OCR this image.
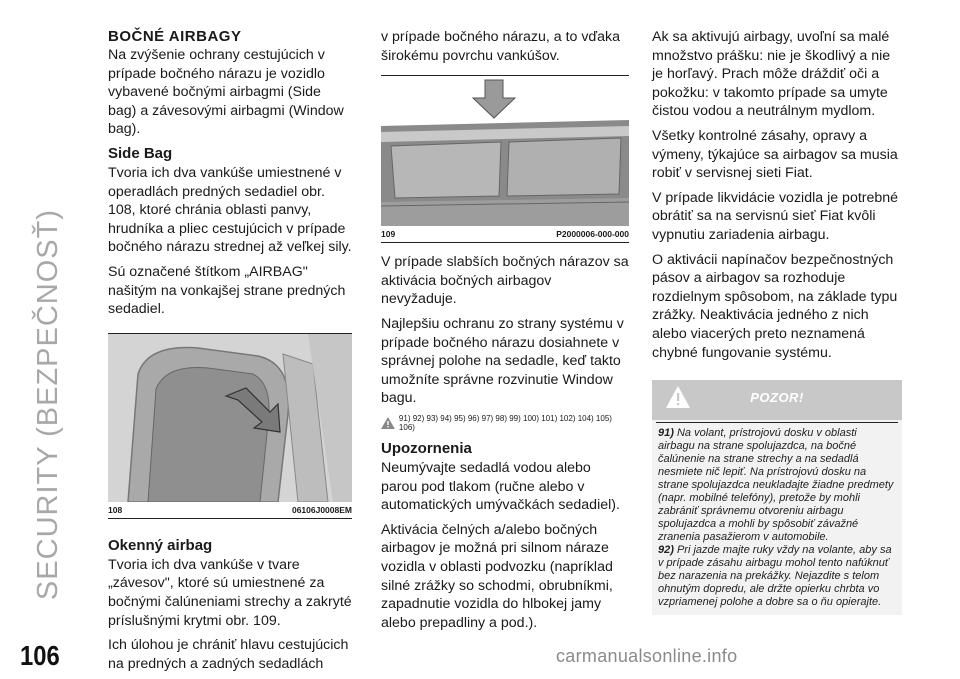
SECURITY (BEZPEČNOSŤ)
BOČNÉ AIRBAGY

Na zvýšenie ochrany cestujúcich v prípade bočného nárazu je vozidlo vybavené bočnými airbagmi (Side bag) a závesovými airbagmi (Window bag).

Side Bag

Tvoria ich dva vankúše umiestnené v operadlách predných sedadiel obr. 108, ktoré chránia oblasti panvy, hrudníka a pliec cestujúcich v prípade bočného nárazu strednej až veľkej sily.

Sú označené štítkom „AIRBAG" našitým na vonkajšej strane predných sedadiel.

108	06106J0008EM
Okenný airbag

Tvoria ich dva vankúše v tvare „závesov", ktoré sú umiestnené za bočnými čalúneniami strechy a zakryté príslušnými krytmi obr. 109.

Ich úlohou je chrániť hlavu cestujúcich na predných a zadných sedadlách

v prípade bočného nárazu, a to vďaka širokému povrchu vankúšov.

109	P2000006-000-000

V prípade slabších bočných nárazov sa aktivácia bočných airbagov nevyžaduje.

Najlepšiu ochranu zo strany systému v prípade bočného nárazu dosiahnete v správnej polohe na sedadle, keď takto umožníte správne rozvinutie Window bagu.

91) 92) 93) 94) 95) 96) 97) 98) 99) 100) 101) 102) 104) 105) 106)
Upozornenia

Neumývajte sedadlá vodou alebo parou pod tlakom (ručne alebo v automatických umývačkách sedadiel).

Aktivácia čelných a/alebo bočných airbagov je možná pri silnom náraze vozidla v oblasti podvozku (napríklad silné zrážky so schodmi, obrubníkmi, zapadnutie vozidla do hlbokej jamy alebo prepadliny a pod.).

Ak sa aktivujú airbagy, uvoľní sa malé množstvo prášku: nie je škodlivý a nie je horľavý. Prach môže dráždiť oči a pokožku: v takomto prípade sa umyte čistou vodou a neutrálnym mydlom.

Všetky kontrolné zásahy, opravy a výmeny, týkajúce sa airbagov sa musia robiť v servisnej sieti Fiat.

V prípade likvidácie vozidla je potrebné obrátiť sa na servisnú sieť Fiat kvôli vypnutiu zariadenia airbagu.

O aktivácii napínačov bezpečnostných pásov a airbagov sa rozhoduje rozdielnym spôsobom, na základe typu zrážky. Neaktivácia jedného z nich alebo viacerých preto neznamená chybné fungovanie systému.

POZOR!
91) Na volant, prístrojovú dosku v oblasti airbagu na strane spolujazdca, na bočné čalúnenie na strane strechy a na sedadlá nesmiete nič lepiť. Na prístrojovú dosku na strane spolujazdca neukladajte žiadne predmety (napr. mobilné telefóny), pretože by mohli zabrániť správnemu otvoreniu airbagu spolujazdca a mohli by spôsobiť závažné zranenia pasažierom v automobile.
92) Pri jazde majte ruky vždy na volante, aby sa v prípade zásahu airbagu mohol tento nafúknuť bez narazenia na prekážky. Nejazdite s telom ohnutým dopredu, ale držte opierku chrbta vo vzpriamenej polohe a dobre sa o ňu opierajte.
106	carmanualsonline.info
